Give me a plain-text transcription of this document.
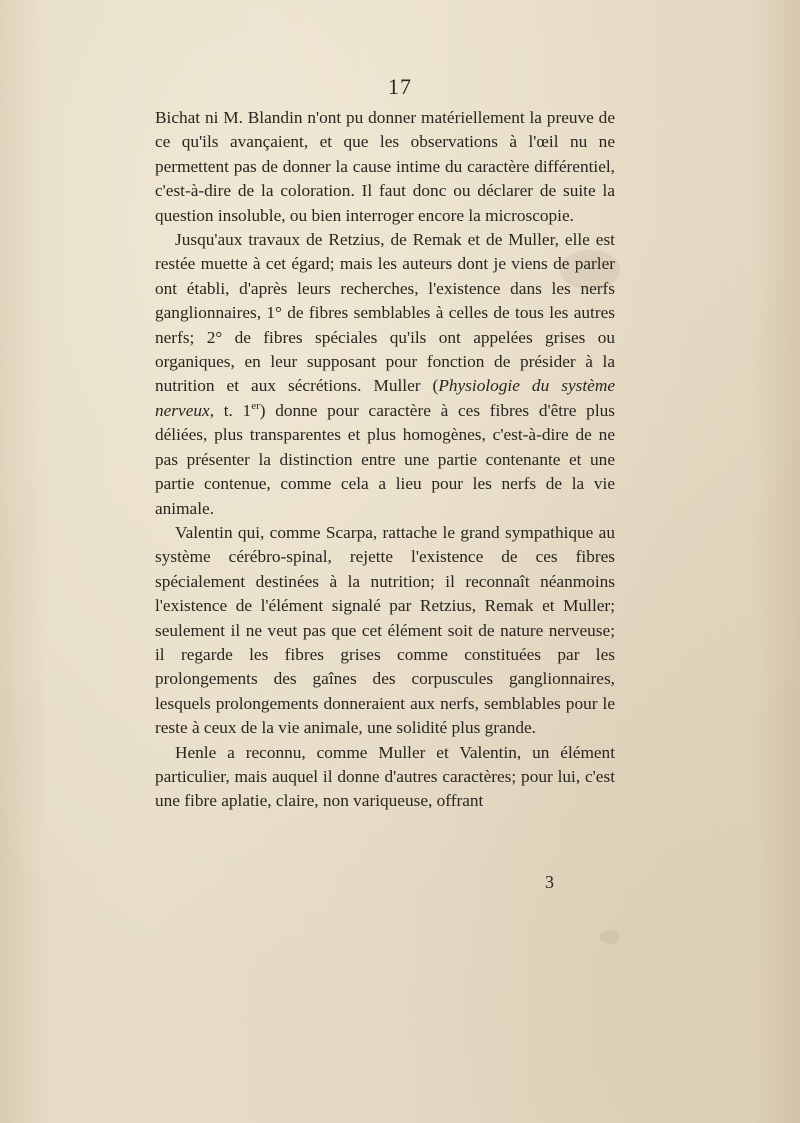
17

Bichat ni M. Blandin n'ont pu donner matériellement la preuve de ce qu'ils avançaient, et que les observations à l'œil nu ne permettent pas de donner la cause intime du caractère différentiel, c'est-à-dire de la coloration. Il faut donc ou déclarer de suite la question insoluble, ou bien interroger encore la microscopie.

Jusqu'aux travaux de Retzius, de Remak et de Muller, elle est restée muette à cet égard; mais les auteurs dont je viens de parler ont établi, d'après leurs recherches, l'existence dans les nerfs ganglionnaires, 1° de fibres semblables à celles de tous les autres nerfs; 2° de fibres spéciales qu'ils ont appelées grises ou organiques, en leur supposant pour fonction de présider à la nutrition et aux sécrétions. Muller (Physiologie du système nerveux, t. 1er) donne pour caractère à ces fibres d'être plus déliées, plus transparentes et plus homogènes, c'est-à-dire de ne pas présenter la distinction entre une partie contenante et une partie contenue, comme cela a lieu pour les nerfs de la vie animale.

Valentin qui, comme Scarpa, rattache le grand sympathique au système cérébro-spinal, rejette l'existence de ces fibres spécialement destinées à la nutrition; il reconnaît néanmoins l'existence de l'élément signalé par Retzius, Remak et Muller; seulement il ne veut pas que cet élément soit de nature nerveuse; il regarde les fibres grises comme constituées par les prolongements des gaînes des corpuscules ganglionnaires, lesquels prolongements donneraient aux nerfs, semblables pour le reste à ceux de la vie animale, une solidité plus grande.

Henle a reconnu, comme Muller et Valentin, un élément particulier, mais auquel il donne d'autres caractères; pour lui, c'est une fibre aplatie, claire, non variqueuse, offrant

3
